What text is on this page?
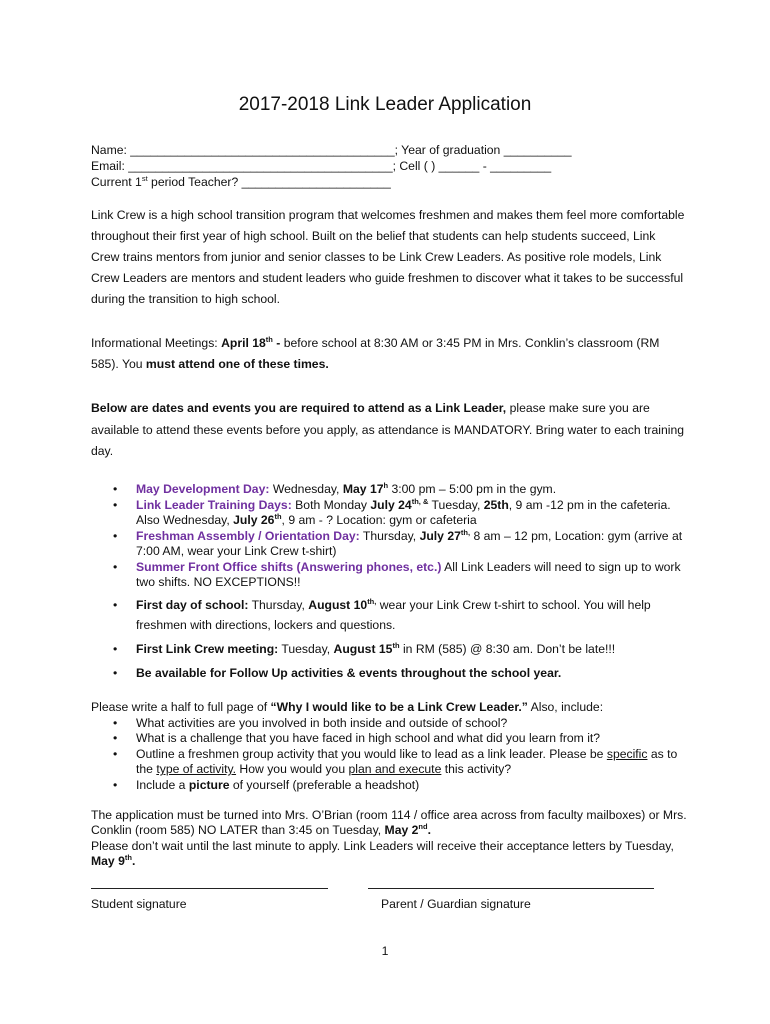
2017-2018 Link Leader Application
Name: _______________________________________; Year of graduation __________
Email: _______________________________________; Cell ( ) ______ - _________
Current 1st period Teacher? ______________________
Link Crew is a high school transition program that welcomes freshmen and makes them feel more comfortable throughout their first year of high school. Built on the belief that students can help students succeed, Link Crew trains mentors from junior and senior classes to be Link Crew Leaders. As positive role models, Link Crew Leaders are mentors and student leaders who guide freshmen to discover what it takes to be successful during the transition to high school.
Informational Meetings: April 18th - before school at 8:30 AM or 3:45 PM in Mrs. Conklin’s classroom (RM 585). You must attend one of these times.
Below are dates and events you are required to attend as a Link Leader, please make sure you are available to attend these events before you apply, as attendance is MANDATORY. Bring water to each training day.
• May Development Day: Wednesday, May 17$^h$ 3:00 pm – 5:00 pm in the gym.
• Link Leader Training Days: Both Monday July $24^{th, \&}$ Tuesday, 25th, 9 am -12 pm in the cafeteria. Also Wednesday, July 26th, 9 am - ? Location: gym or cafeteria
• Freshman Assembly / Orientation Day: Thursday, July $27^{th,}$ 8 am – 12 pm, Location: gym (arrive at 7:00 AM, wear your Link Crew t-shirt)
• Summer Front Office shifts (Answering phones, etc.) All Link Leaders will need to sign up to work two shifts. NO EXCEPTIONS!!
• First day of school: Thursday, August $10^{th,}$ wear your Link Crew t-shirt to school. You will help freshmen with directions, lockers and questions.
• First Link Crew meeting: Tuesday, August 15th in RM (585) @ 8:30 am. Don’t be late!!!
• Be available for Follow Up activities & events throughout the school year.
Please write a half to full page of “Why I would like to be a Link Crew Leader.” Also, include:
• What activities are you involved in both inside and outside of school?
• What is a challenge that you have faced in high school and what did you learn from it?
• Outline a freshmen group activity that you would like to lead as a link leader. Please be specific as to the type of activity. How you would you plan and execute this activity?
• Include a picture of yourself (preferable a headshot)
The application must be turned into Mrs. O’Brian (room 114 / office area across from faculty mailboxes) or Mrs. Conklin (room 585) NO LATER than 3:45 on Tuesday, May 2nd.
Please don’t wait until the last minute to apply. Link Leaders will receive their acceptance letters by Tuesday, May 9th.
Student signature	Parent / Guardian signature
1
